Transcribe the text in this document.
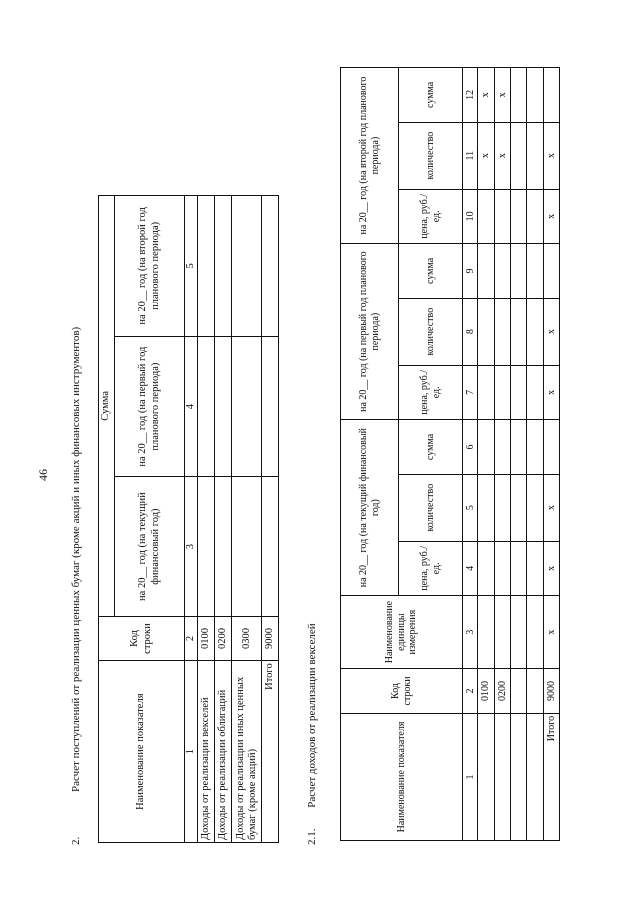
46
2. Расчет поступлений от реализации ценных бумаг (кроме акций и иных финансовых инструментов)	Наименование показателя	Код строки	Сумма		
		на 20__ год (на текущий финансовый год)	на 20__ год (на первый год планового периода)	на 20__ год (на второй год планового периода)
1	2	3	4	5
Доходы от реализации векселей	0100			
Доходы от реализации облигаций	0200			
Доходы от реализации иных ценных бумаг (кроме акций)	0300			
Итого	9000			
2.1. Расчет доходов от реализации векселей	Наименование показателя	Код строки	Наименование единицы измерения	на 20__ год (на текущий финансовый год)			на 20__ год (на первый год планового периода)			на 20__ год (на второй год планового периода)		
			цена, руб./ед.	количество	сумма	цена, руб./ед.	количество	сумма	цена, руб./ед.	количество	сумма
1	2	3	4	5	6	7	8	9	10	11	12
	0100									x	x
	0200									x	x

Итого	9000	x	x	x		x	x		x	x	
